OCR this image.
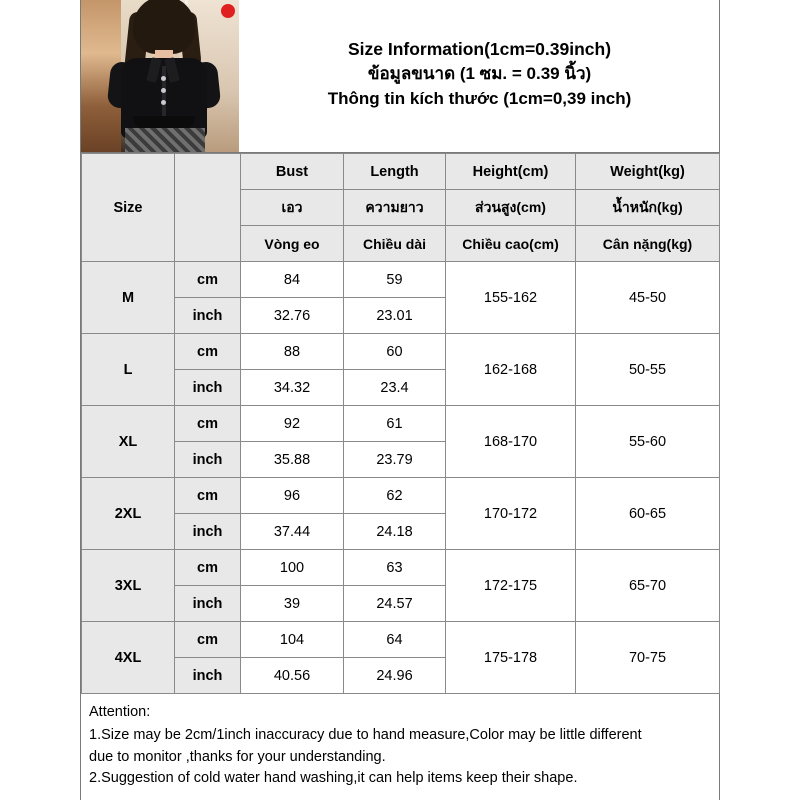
Size Information(1cm=0.39inch)
ข้อมูลขนาด (1 ซม. = 0.39 นิ้ว)
Thông tin kích thước (1cm=0,39 inch)
Size		Bust	Length	Height(cm)	Weight(kg)
		เอว	ความยาว	ส่วนสูง(cm)	น้ำหนัก(kg)
		Vòng eo	Chiều dài	Chiều cao(cm)	Cân nặng(kg)
M	cm	84	59	155-162	45-50
	inch	32.76	23.01		
L	cm	88	60	162-168	50-55
	inch	34.32	23.4		
XL	cm	92	61	168-170	55-60
	inch	35.88	23.79		
2XL	cm	96	62	170-172	60-65
	inch	37.44	24.18		
3XL	cm	100	63	172-175	65-70
	inch	39	24.57		
4XL	cm	104	64	175-178	70-75
	inch	40.56	24.96		

Attention:

1.Size may be 2cm/1inch inaccuracy due to hand measure,Color may be little different

due to monitor ,thanks for your understanding.

2.Suggestion of cold water hand washing,it can help items keep their shape.
